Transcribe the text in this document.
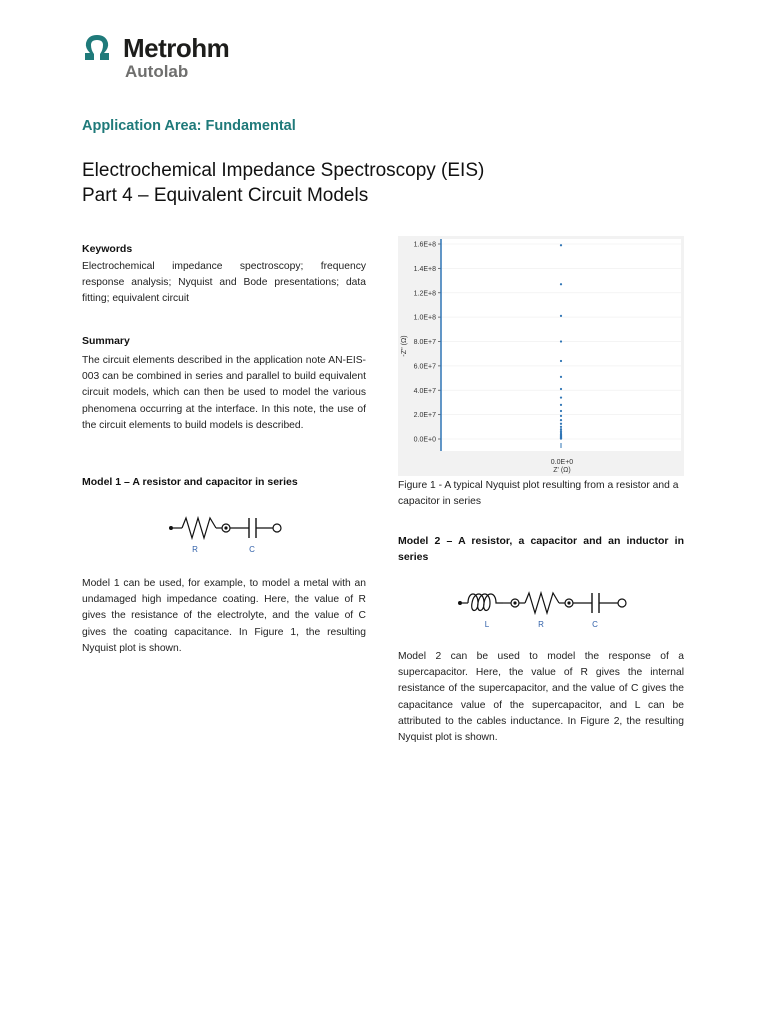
Metrohm
Autolab
Application Area: Fundamental
Electrochemical Impedance Spectroscopy (EIS)
Part 4 – Equivalent Circuit Models
Keywords
Electrochemical impedance spectroscopy; frequency response analysis; Nyquist and Bode presentations; data fitting; equivalent circuit
Summary
The circuit elements described in the application note AN-EIS-003 can be combined in series and parallel to build equivalent circuit models, which can then be used to model the various phenomena occurring at the interface. In this note, the use of the circuit elements to build models is described.
Model 1 – A resistor and capacitor in series
R	C
Model 1 can be used, for example, to model a metal with an undamaged high impedance coating. Here, the value of R gives the resistance of the electrolyte, and the value of C gives the coating capacitance. In Figure 1, the resulting Nyquist plot is shown.
0.0E+0
2.0E+7
4.0E+7
6.0E+7
8.0E+7
1.0E+8
1.2E+8
1.4E+8
1.6E+8
-Z'' (Ω)
0.0E+0
Z' (Ω)
Figure 1 - A typical Nyquist plot resulting from a resistor and a capacitor in series
Model 2 – A resistor, a capacitor and an inductor in series
L	R	C
Model 2 can be used to model the response of a supercapacitor. Here, the value of R gives the internal resistance of the supercapacitor, and the value of C gives the capacitance value of the supercapacitor, and L can be attributed to the cables inductance. In Figure 2, the resulting Nyquist plot is shown.
